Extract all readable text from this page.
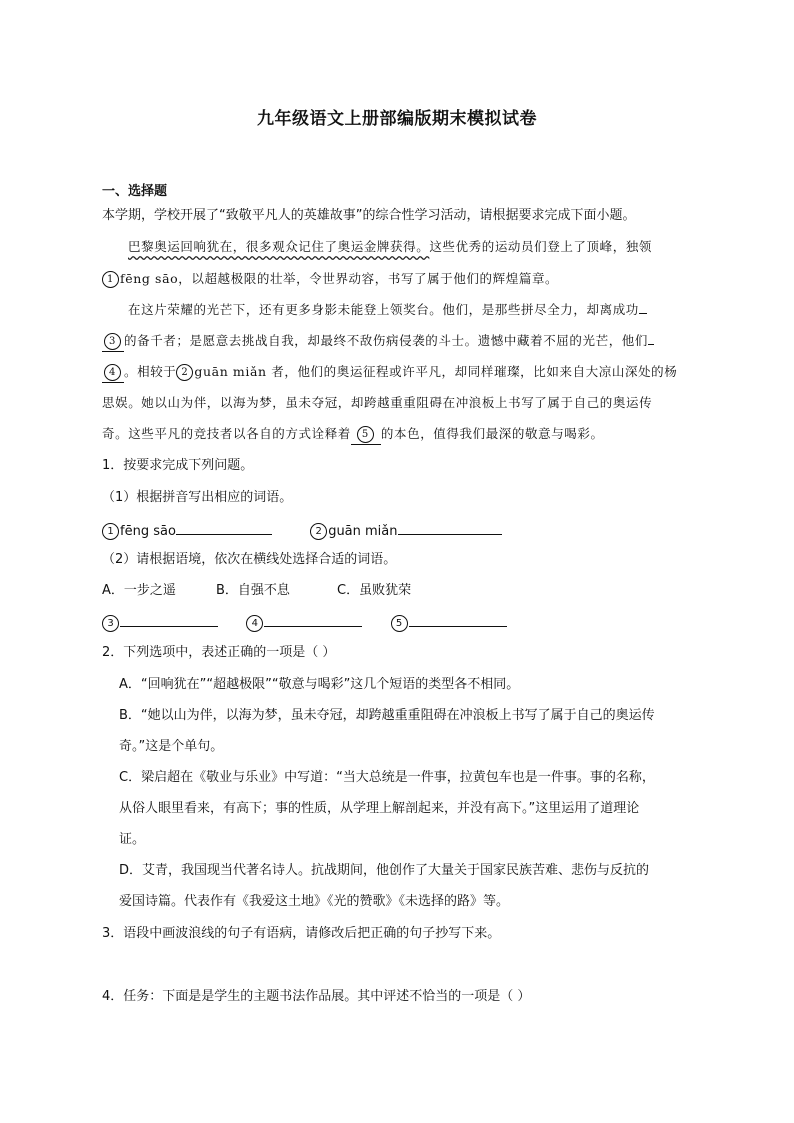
九年级语文上册部编版期末模拟试卷
一、选择题
本学期，学校开展了“致敬平凡人的英雄故事”的综合性学习活动，请根据要求完成下面小题。
巴黎奥运回响犹在，很多观众记住了奥运金牌获得。这些优秀的运动员们登上了顶峰，独领
1 fēng sāo，以超越极限的壮举，令世界动容，书写了属于他们的辉煌篇章。
在这片荣耀的光芒下，还有更多身影未能登上领奖台。他们，是那些拼尽全力，却离成功
3 的备千者；是愿意去挑战自我，却最终不敌伤病侵袭的斗士。遗憾中藏着不屈的光芒，他们
4 。相较于 2 guān miǎn 者，他们的奥运征程或许平凡，却同样璀璨，比如来自大凉山深处的杨
思娱。她以山为伴，以海为梦，虽未夺冠，却跨越重重阻碍在冲浪板上书写了属于自己的奥运传
奇。这些平凡的竞技者以各自的方式诠释着 5 的本色，值得我们最深的敬意与喝彩。
1．按要求完成下列问题。
（1）根据拼音写出相应的词语。
1 fēng sāo	2 guān miǎn
（2）请根据语境，依次在横线处选择合适的词语。
A．一步之遥	B．自强不息	C．虽败犹荣
3	4	5
2．下列选项中，表述正确的一项是（ ）
A．“回响犹在”“超越极限”“敬意与喝彩”这几个短语的类型各不相同。
B．“她以山为伴，以海为梦，虽未夺冠，却跨越重重阻碍在冲浪板上书写了属于自己的奥运传
奇。”这是个单句。
C．梁启超在《敬业与乐业》中写道：“当大总统是一件事，拉黄包车也是一件事。事的名称，
从俗人眼里看来，有高下；事的性质，从学理上解剖起来，并没有高下。”这里运用了道理论
证。
D．艾青，我国现当代著名诗人。抗战期间，他创作了大量关于国家民族苦难、悲伤与反抗的
爱国诗篇。代表作有《我爱这土地》《光的赞歌》《未选择的路》等。
3．语段中画波浪线的句子有语病，请修改后把正确的句子抄写下来。
4．任务：下面是是学生的主题书法作品展。其中评述不恰当的一项是（ ）
